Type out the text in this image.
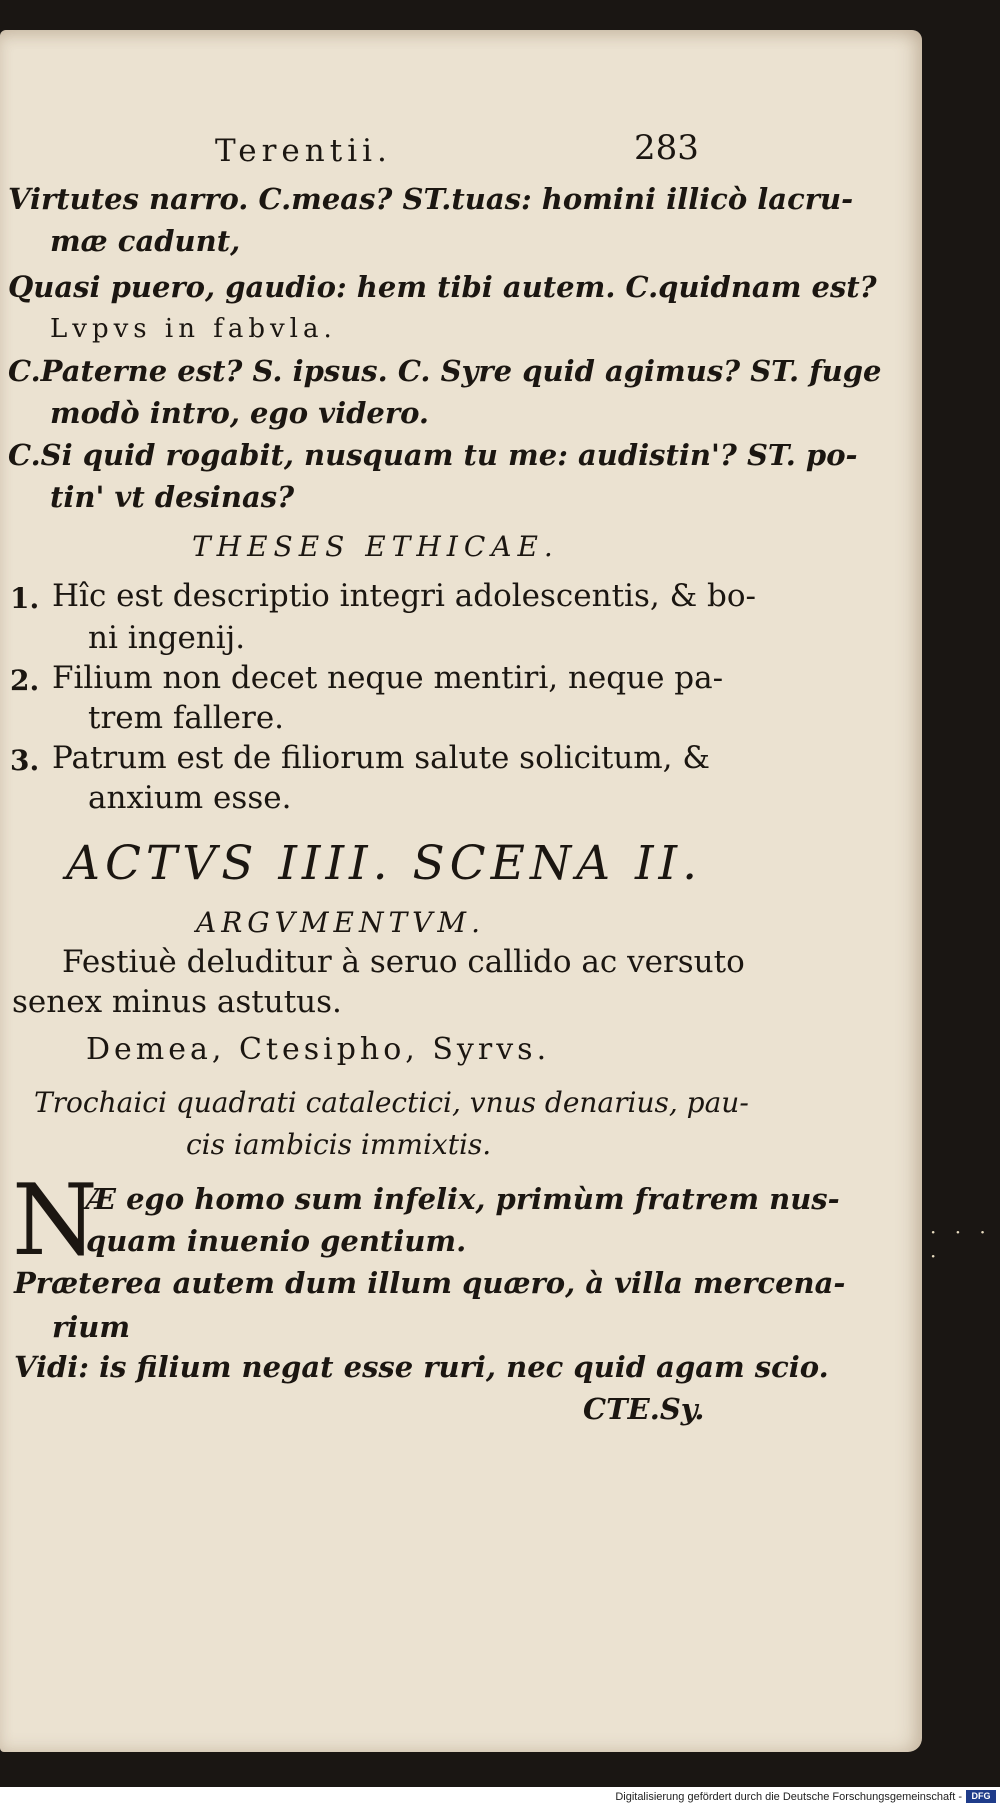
Terentii.	283
Virtutes narro. C.meas? ST.tuas: homini illicò lacru-
mæ cadunt,
Quasi puero, gaudio: hem tibi autem. C.quidnam est?
Lvpvs in fabvla.
C.Paterne est? S. ipsus. C. Syre quid agimus? ST. fuge
modò intro, ego videro.
C.Si quid rogabit, nusquam tu me: audistin'? ST. po-
tin' vt desinas?
THESES ETHICAE.
1. Hîc est descriptio integri adolescentis, & bo-
ni ingenij.
2. Filium non decet neque mentiri, neque pa-
trem fallere.
3. Patrum est de filiorum salute solicitum, &
anxium esse.
ACTVS IIII. SCENA II.
ARGVMENTVM.
Festiuè deluditur à seruo callido ac versuto
senex minus astutus.
Demea, Ctesipho, Syrvs.
Trochaici quadrati catalectici, vnus denarius, pau-
cis iambicis immixtis.
N
Æ ego homo sum infelix, primùm fratrem nus-
quam inuenio gentium.
Præterea autem dum illum quæro, à villa mercena-
rium
Vidi: is filium negat esse ruri, nec quid agam scio.
CTE.Sy.
· · · ·
Digitalisierung gefördert durch die Deutsche Forschungsgemeinschaft -	DFG
